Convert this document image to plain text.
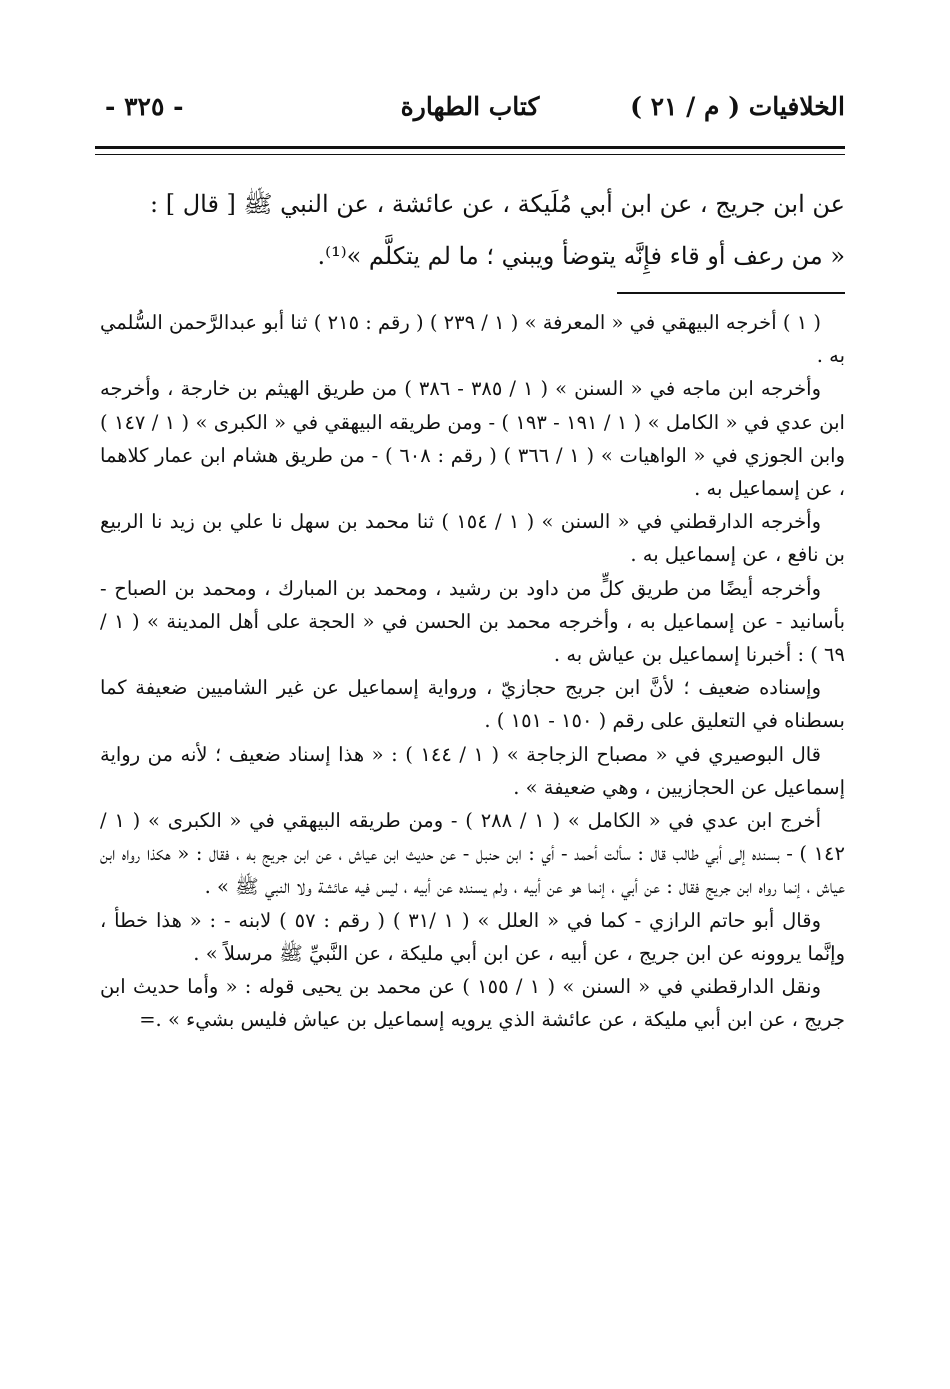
الخلافيات ( م / ٢١ )
كتاب الطهارة
- ٣٢٥ -

عن ابن جريج ، عن ابن أبي مُلَيكة ، عن عائشة ، عن النبي ﷺ [ قال ] :

« من رعف أو قاء فإِنَّه يتوضأ ويبني ؛ ما لم يتكلَّم »⁽¹⁾.

( ١ ) أخرجه البيهقي في « المعرفة » ( ١ / ٢٣٩ ) ( رقم : ٢١٥ ) ثنا أبو عبدالرَّحمن السُّلمي به .

وأخرجه ابن ماجه في « السنن » ( ١ / ٣٨٥ - ٣٨٦ ) من طريق الهيثم بن خارجة ، وأخرجه ابن عدي في « الكامل » ( ١ / ١٩١ - ١٩٣ ) - ومن طريقه البيهقي في « الكبرى » ( ١ / ١٤٧ ) وابن الجوزي في « الواهيات » ( ١ / ٣٦٦ ) ( رقم : ٦٠٨ ) - من طريق هشام ابن عمار كلاهما ، عن إسماعيل به .

وأخرجه الدارقطني في « السنن » ( ١ / ١٥٤ ) ثنا محمد بن سهل نا علي بن زيد نا الربيع بن نافع ، عن إسماعيل به .

وأخرجه أيضًا من طريق كلٍّ من داود بن رشيد ، ومحمد بن المبارك ، ومحمد بن الصباح - بأسانيد - عن إسماعيل به ، وأخرجه محمد بن الحسن في « الحجة على أهل المدينة » ( ١ / ٦٩ ) : أخبرنا إسماعيل بن عياش به .

وإسناده ضعيف ؛ لأنَّ ابن جريج حجازيّ ، ورواية إسماعيل عن غير الشاميين ضعيفة كما بسطناه في التعليق على رقم ( ١٥٠ - ١٥١ ) .

قال البوصيري في « مصباح الزجاجة » ( ١ / ١٤٤ ) : « هذا إسناد ضعيف ؛ لأنه من رواية إسماعيل عن الحجازيين ، وهي ضعيفة » .

أخرج ابن عدي في « الكامل » ( ١ / ٢٨٨ ) - ومن طريقه البيهقي في « الكبرى » ( ١ / ١٤٢ ) - بسنده إلى أبي طالب قال : سألت أحمد - أي : ابن حنبل - عن حديث ابن عياش ، عن ابن جريج به ، فقال : « هكذا رواه ابن عياش ، إنما رواه ابن جريج فقال : عن أبي ، إنما هو عن أبيه ، ولم يسنده عن أبيه ، ليس فيه عائشة ولا النبي ﷺ » .

وقال أبو حاتم الرازي - كما في « العلل » ( ١ /٣١ ) ( رقم : ٥٧ ) لابنه - : « هذا خطأ ، وإنَّما يروونه عن ابن جريج ، عن أبيه ، عن ابن أبي مليكة ، عن النَّبيِّ ﷺ مرسلاً » .

ونقل الدارقطني في « السنن » ( ١ / ١٥٥ ) عن محمد بن يحيى قوله : « وأما حديث ابن جريج ، عن ابن أبي مليكة ، عن عائشة الذي يرويه إسماعيل بن عياش فليس بشيء » .=
